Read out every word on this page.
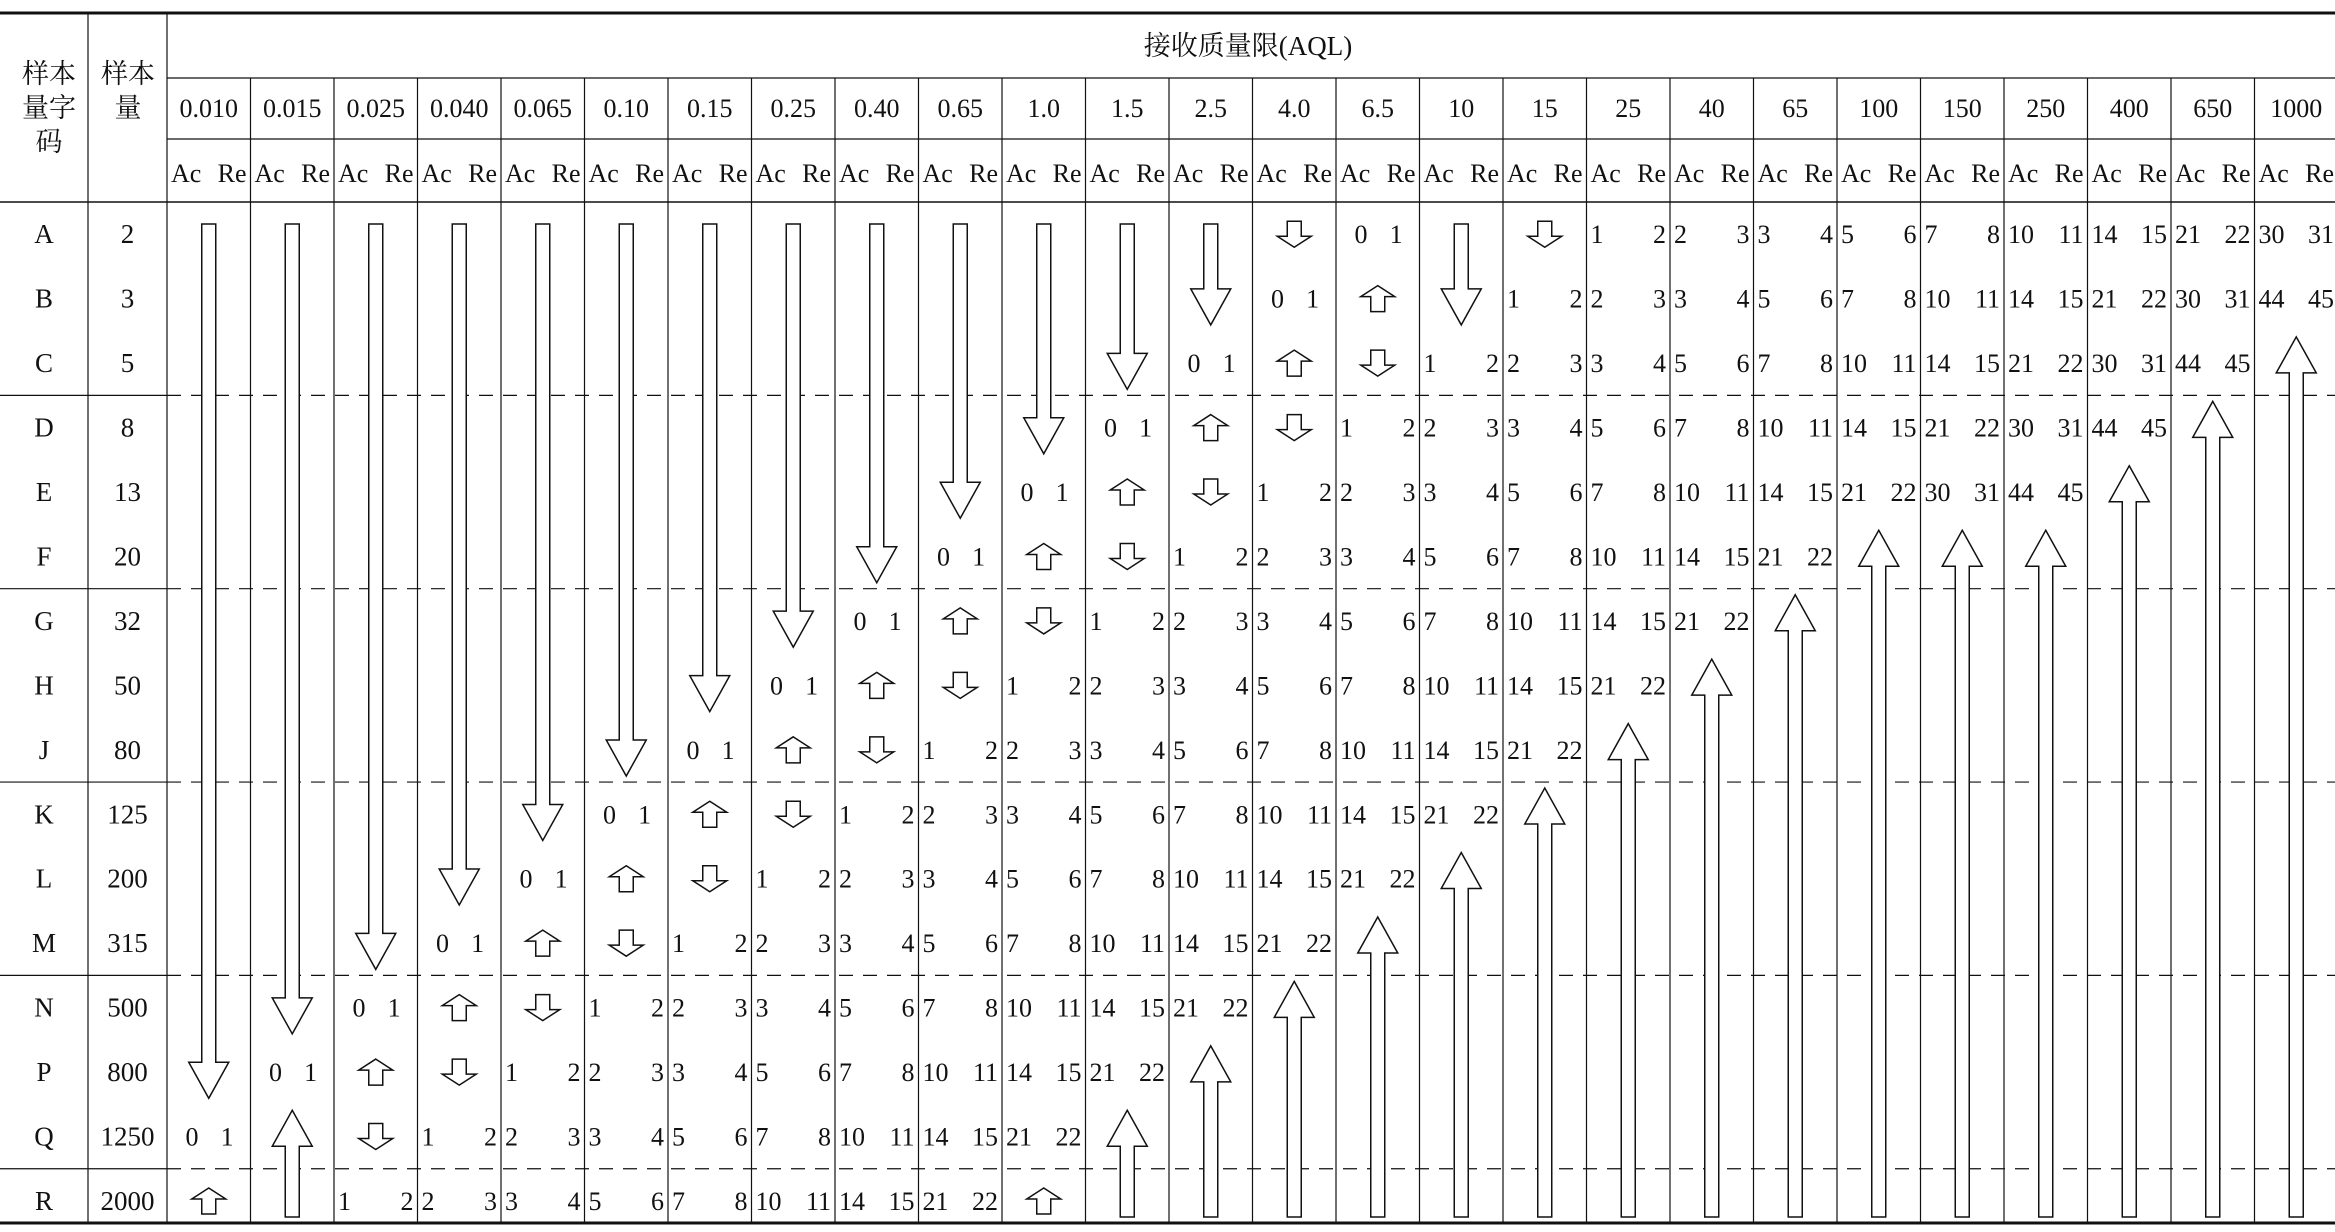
接收质量限(AQL)
样本
量字
码
样本
量 0.010
Ac Re
0.015
Ac Re
0.025
Ac Re
0.040
Ac Re
0.065
Ac Re
0.10
Ac Re
0.15
Ac Re
0.25
Ac Re
0.40
Ac Re
0.65
Ac Re
1.0
Ac Re
1.5
Ac Re
2.5
Ac Re
4.0
Ac Re
6.5
Ac Re
10
Ac Re
15
Ac Re
25
Ac Re
40
Ac Re
65
Ac Re
100
Ac Re
150
Ac Re
250
Ac Re
400
Ac Re
650
Ac Re
1000
Ac Re
A 2
B	3
C	5
D 8
E 13
F 20
G 32
H 50
J 80
K 125
L 200
M 315
N 500
P 800
Q 1250
R 2000
0 1
0 1
0 1
1 2
0 1
1 2
2 3
0 1
1 2
2 3
3 4
0 1
1 2
2 3
3 4
5 6
0 1
1 2
2 3
3 4
5 6
7 8
0 1
1 2
2 3
3 4
5 6
7 8
10 11
0 1
1 2
2 3
3 4
5 6
7 8
10 11
14 15
0 1
1 2
2 3
3 4
5 6
7 8
10 11
14 15
21 22
0 1
1 2
2 3
3 4
5 6
7 8
10 11
14 15
21 22
0 1
1 2
2 3
3 4
5 6
7 8
10 11
14 15
21 22
0 1
1 2
2 3
3 4
5 6
7 8
10 11
14 15
21 22
0 1
1 2
2 3
3 4
5 6
7 8
10 11
14 15
21 22
0 1
1 2
2 3
3 4
5 6
7 8
10 11
14 15
21 22
1 2
2 3
3 4
5 6
7 8
10 11
14 15
21 22
1 2
2 3
3 4
5 6
7 8
10 11
14 15
21 22
1 2
2 3
3 4
5 6
7 8
10 11
14 15
21 22
2 3
3 4
5 6
7 8
10 11
14 15
21 22
3 4
5 6
7 8
10 11
14 15
21 22
5 6
7 8
10 11
14 15
21 22
7 8
10 11
14 15
21 22
30 31
10 11
14 15
21 22
30 31
44 45
14 15
21 22
30 31
44 45
21 22
30 31
44 45
30 31
44 45
